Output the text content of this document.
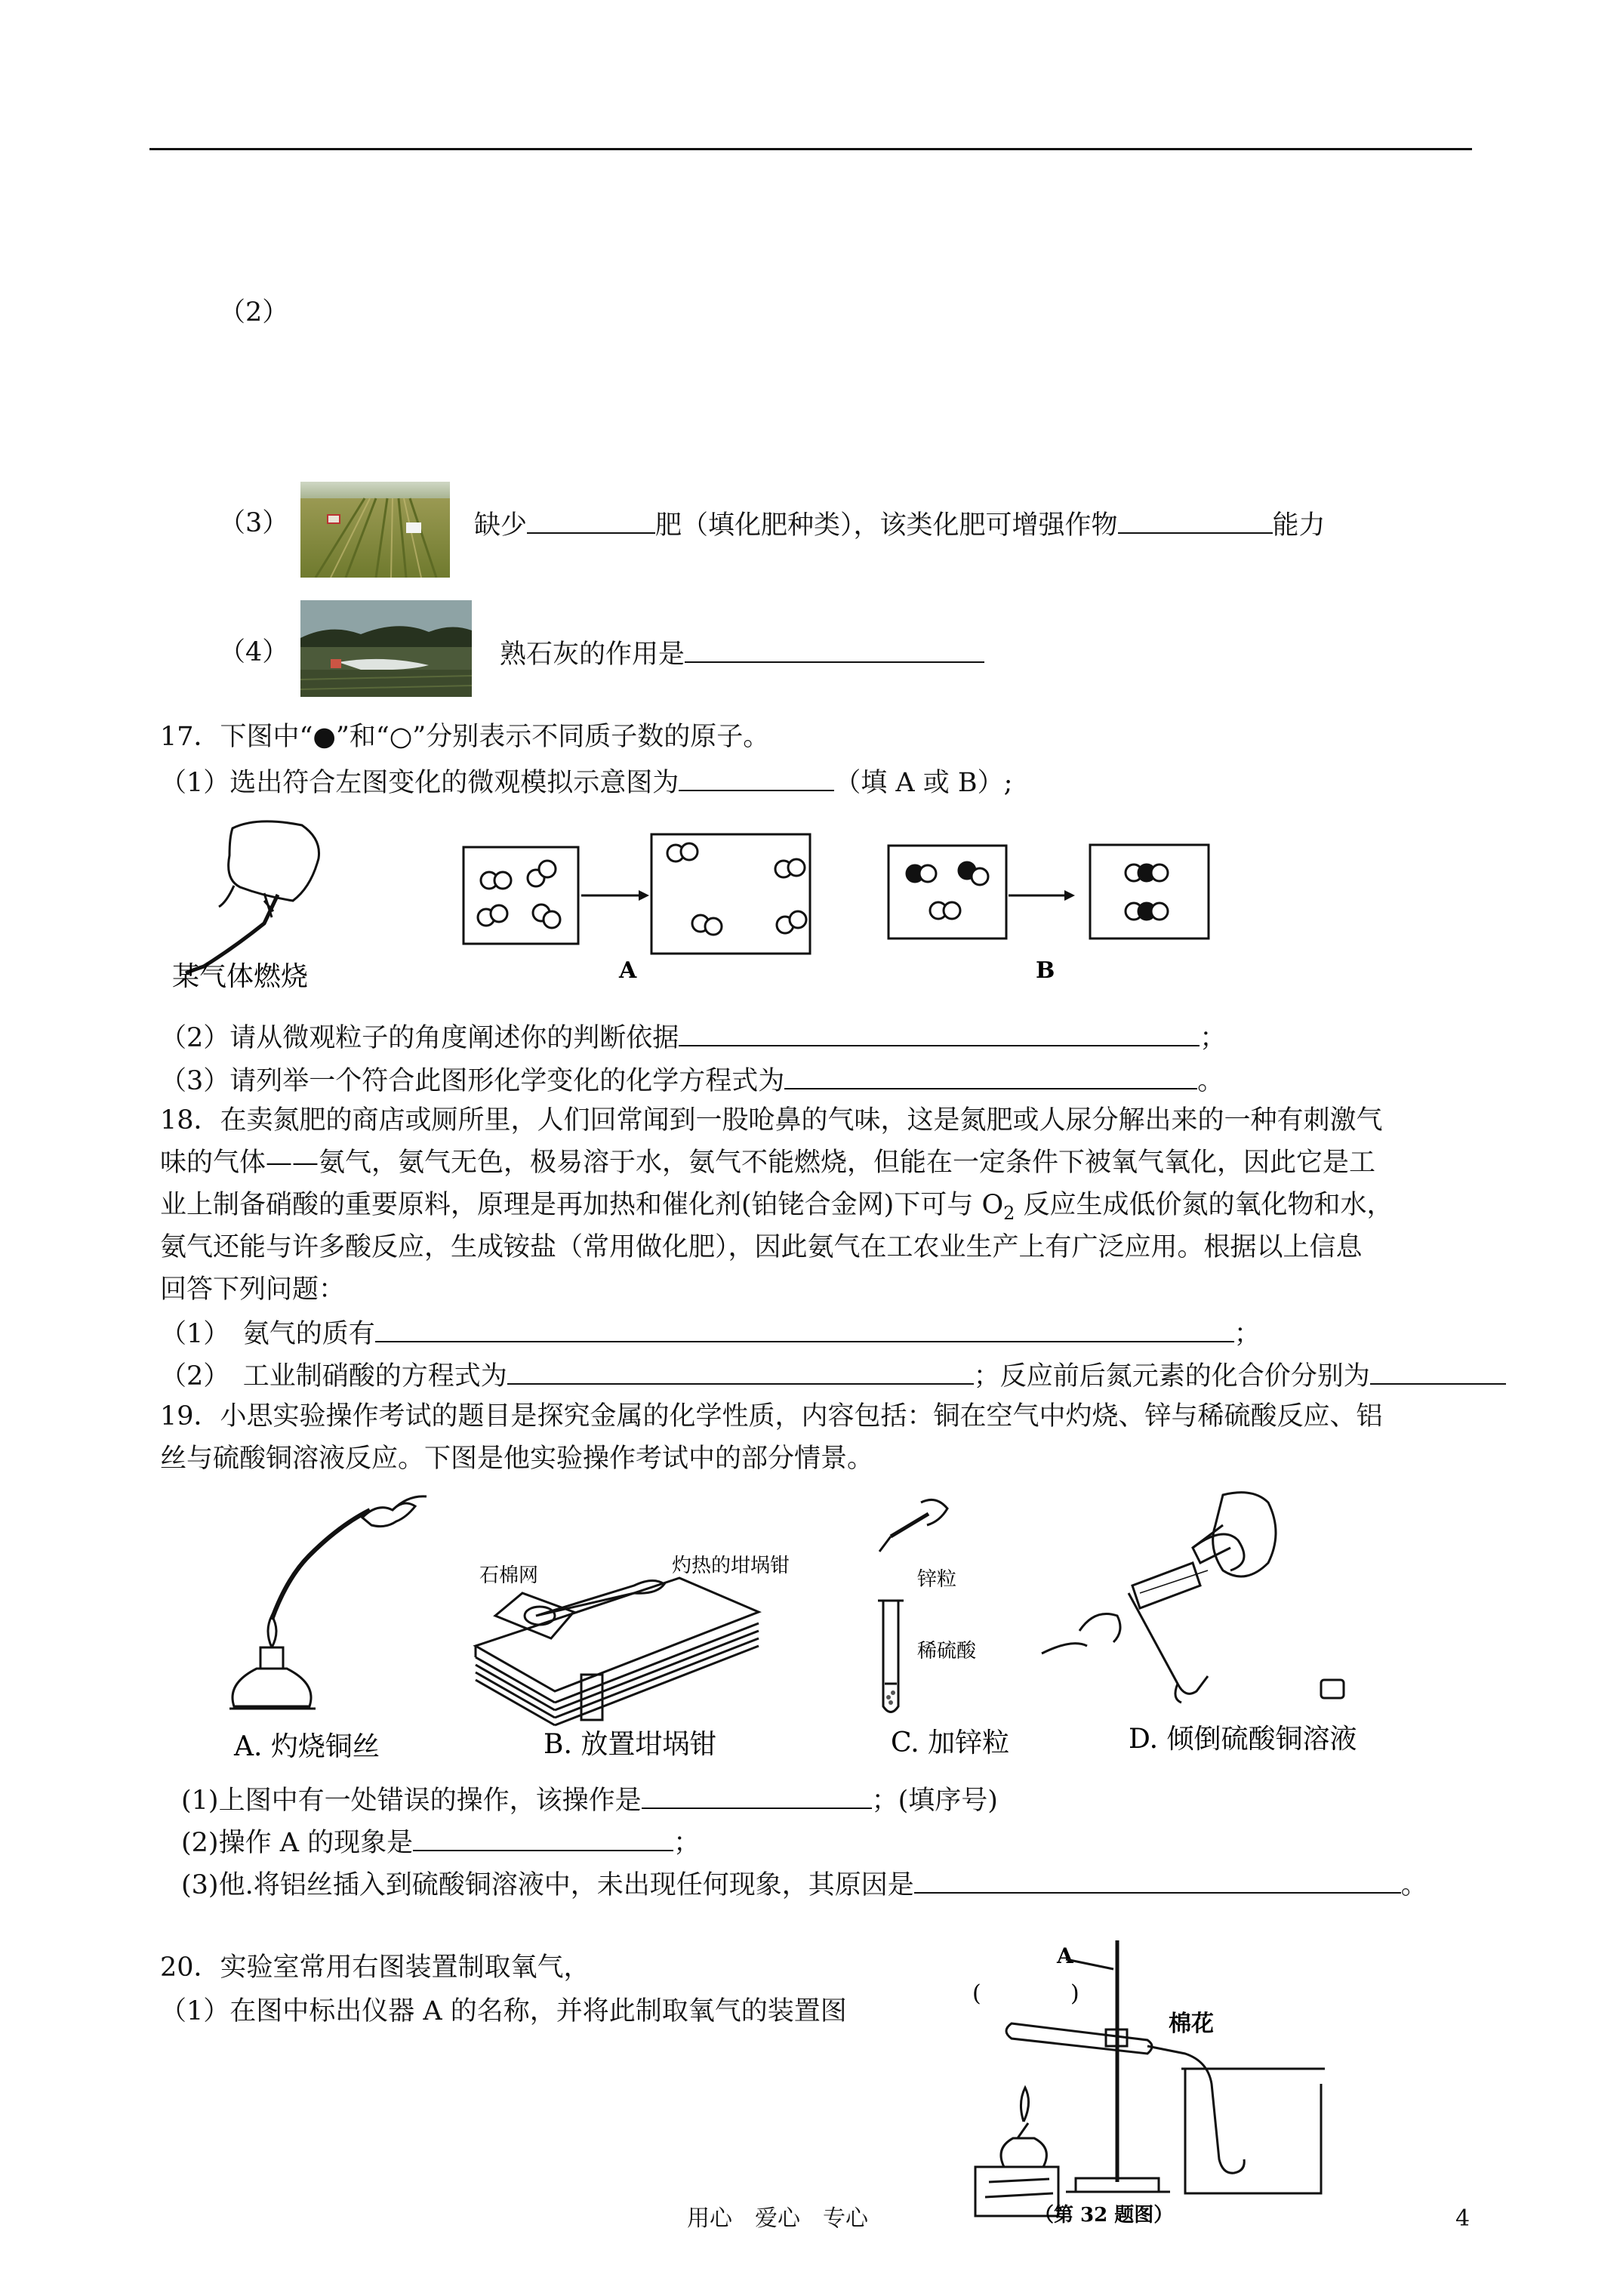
（2）
（3）	缺少	肥（填化肥种类），该类化肥可增强作物	能力
（4）	熟石灰的作用是
17．下图中“●”和“○”分别表示不同质子数的原子。
（1）选出符合左图变化的微观模拟示意图为	（填 A 或 B）;
某气体燃烧	A	B
（2）请从微观粒子的角度阐述你的判断依据	；
（3）请列举一个符合此图形化学变化的化学方程式为	。
18．在卖氮肥的商店或厕所里，人们回常闻到一股呛鼻的气味，这是氮肥或人尿分解出来的一种有刺激气
味的气体——氨气，氨气无色，极易溶于水，氨气不能燃烧，但能在一定条件下被氧气氧化，因此它是工
业上制备硝酸的重要原料，原理是再加热和催化剂(铂铑合金网)下可与 $O_2$ 反应生成低价氮的氧化物和水，
氨气还能与许多酸反应，生成铵盐（常用做化肥），因此氨气在工农业生产上有广泛应用。根据以上信息
回答下列问题：
（1）　氨气的质有	；
（2）　工业制硝酸的方程式为	；反应前后氮元素的化合价分别为
19．小思实验操作考试的题目是探究金属的化学性质，内容包括：铜在空气中灼烧、锌与稀硫酸反应、铝
丝与硫酸铜溶液反应。下图是他实验操作考试中的部分情景。
A. 灼烧铜丝
石棉网	灼热的坩埚钳
B. 放置坩埚钳
锌粒
稀硫酸
C. 加锌粒	D. 倾倒硫酸铜溶液
(1)上图中有一处错误的操作，该操作是	；(填序号)
(2)操作 A 的现象是	；
(3)他.将铝丝插入到硫酸铜溶液中，未出现任何现象，其原因是	。
20．实验室常用右图装置制取氧气，
（1）在图中标出仪器 A 的名称，并将此制取氧气的装置图
A
(	)
棉花
（第 32 题图）
用心　爱心　专心	4
